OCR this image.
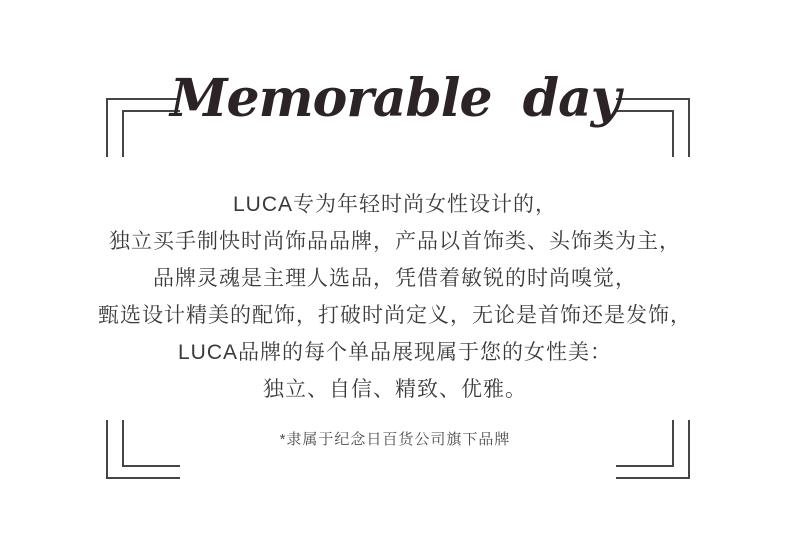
Memorable day

LUCA专为年轻时尚女性设计的，

独立买手制快时尚饰品品牌，产品以首饰类、头饰类为主，

品牌灵魂是主理人选品，凭借着敏锐的时尚嗅觉，

甄选设计精美的配饰，打破时尚定义，无论是首饰还是发饰，

LUCA品牌的每个单品展现属于您的女性美：

独立、自信、精致、优雅。

*隶属于纪念日百货公司旗下品牌
